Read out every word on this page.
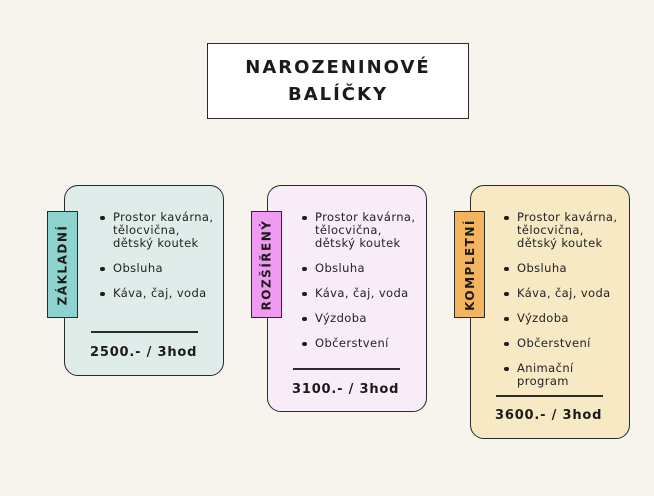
NAROZENINOVÉ
BALÍČKY
ZÁKLADNÍ
Prostor kavárna,
tělocvična,
dětský koutek
Obsluha
Káva, čaj, voda
2500.- / 3hod
ROZŠÍŘENÝ
Prostor kavárna,
tělocvična,
dětský koutek
Obsluha
Káva, čaj, voda
Výzdoba
Občerstvení
3100.- / 3hod
KOMPLETNÍ
Prostor kavárna,
tělocvična,
dětský koutek
Obsluha
Káva, čaj, voda
Výzdoba
Občerstvení
Animační
program
3600.- / 3hod
